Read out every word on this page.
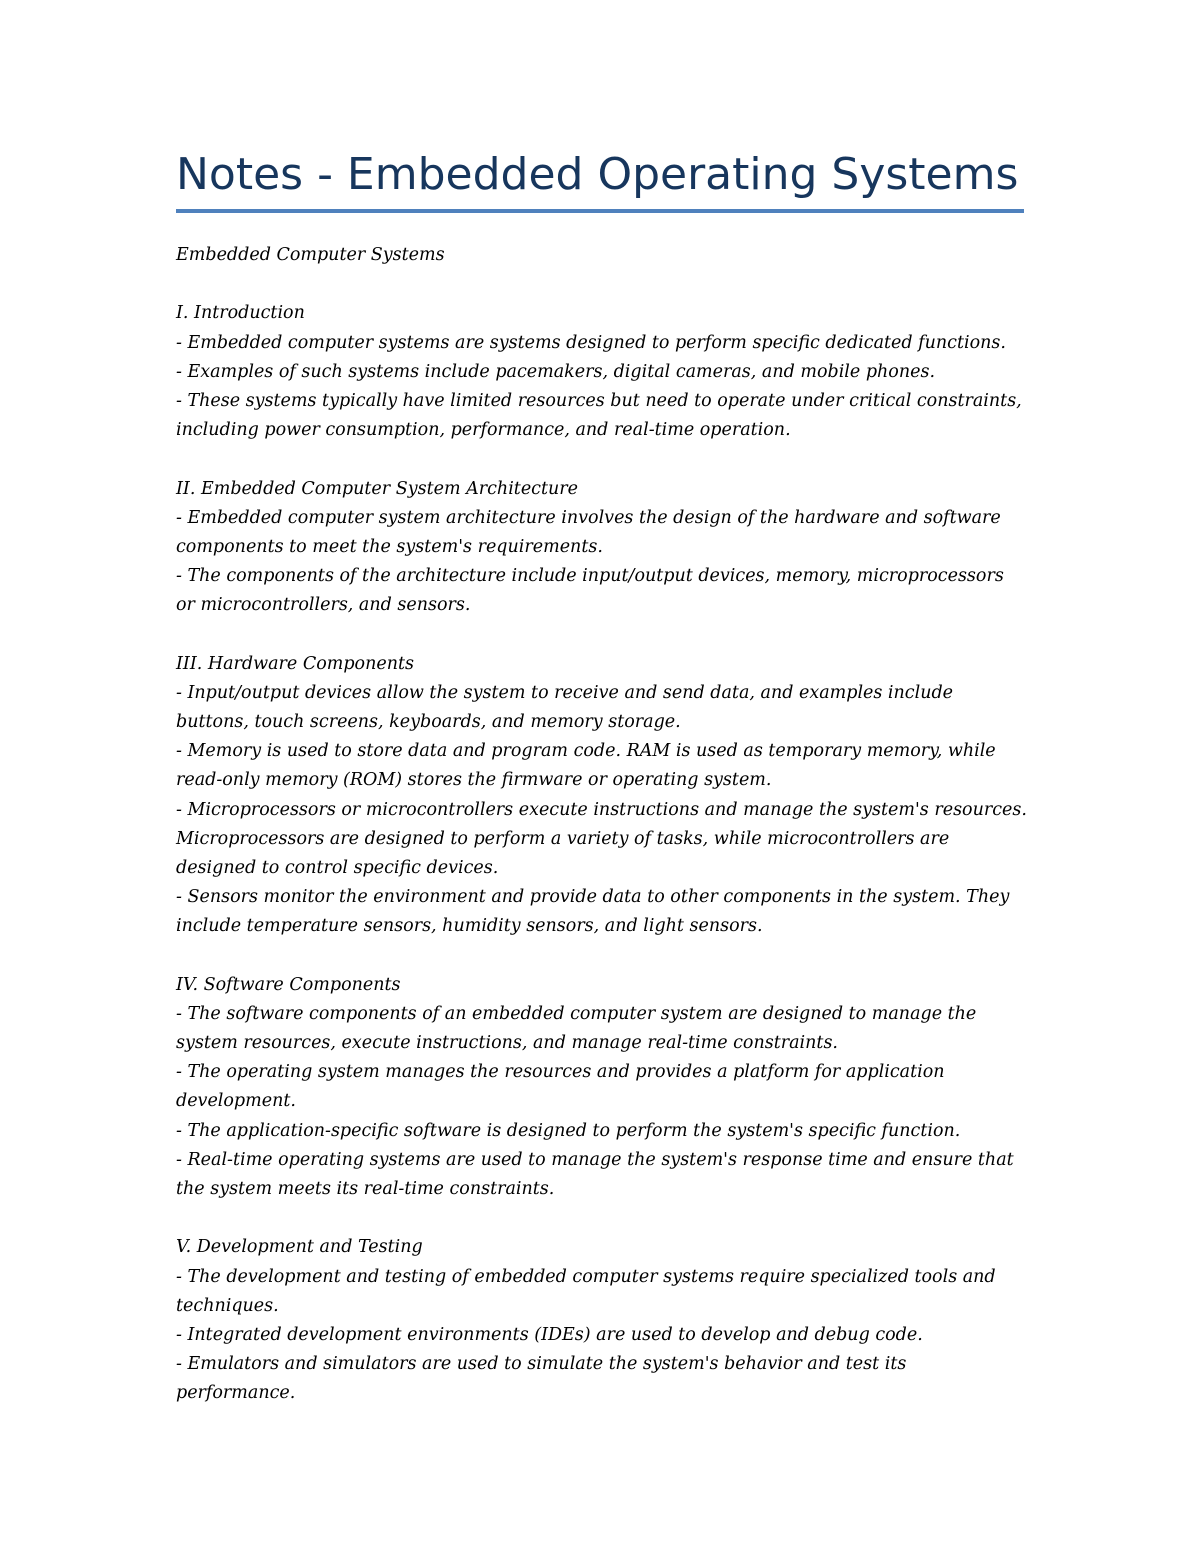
Notes - Embedded Operating Systems
Embedded Computer Systems
I. Introduction
- Embedded computer systems are systems designed to perform specific dedicated functions.
- Examples of such systems include pacemakers, digital cameras, and mobile phones.
- These systems typically have limited resources but need to operate under critical constraints,
including power consumption, performance, and real-time operation.
II. Embedded Computer System Architecture
- Embedded computer system architecture involves the design of the hardware and software
components to meet the system's requirements.
- The components of the architecture include input/output devices, memory, microprocessors
or microcontrollers, and sensors.
III. Hardware Components
- Input/output devices allow the system to receive and send data, and examples include
buttons, touch screens, keyboards, and memory storage.
- Memory is used to store data and program code. RAM is used as temporary memory, while
read-only memory (ROM) stores the firmware or operating system.
- Microprocessors or microcontrollers execute instructions and manage the system's resources.
Microprocessors are designed to perform a variety of tasks, while microcontrollers are
designed to control specific devices.
- Sensors monitor the environment and provide data to other components in the system. They
include temperature sensors, humidity sensors, and light sensors.
IV. Software Components
- The software components of an embedded computer system are designed to manage the
system resources, execute instructions, and manage real-time constraints.
- The operating system manages the resources and provides a platform for application
development.
- The application-specific software is designed to perform the system's specific function.
- Real-time operating systems are used to manage the system's response time and ensure that
the system meets its real-time constraints.
V. Development and Testing
- The development and testing of embedded computer systems require specialized tools and
techniques.
- Integrated development environments (IDEs) are used to develop and debug code.
- Emulators and simulators are used to simulate the system's behavior and test its
performance.
